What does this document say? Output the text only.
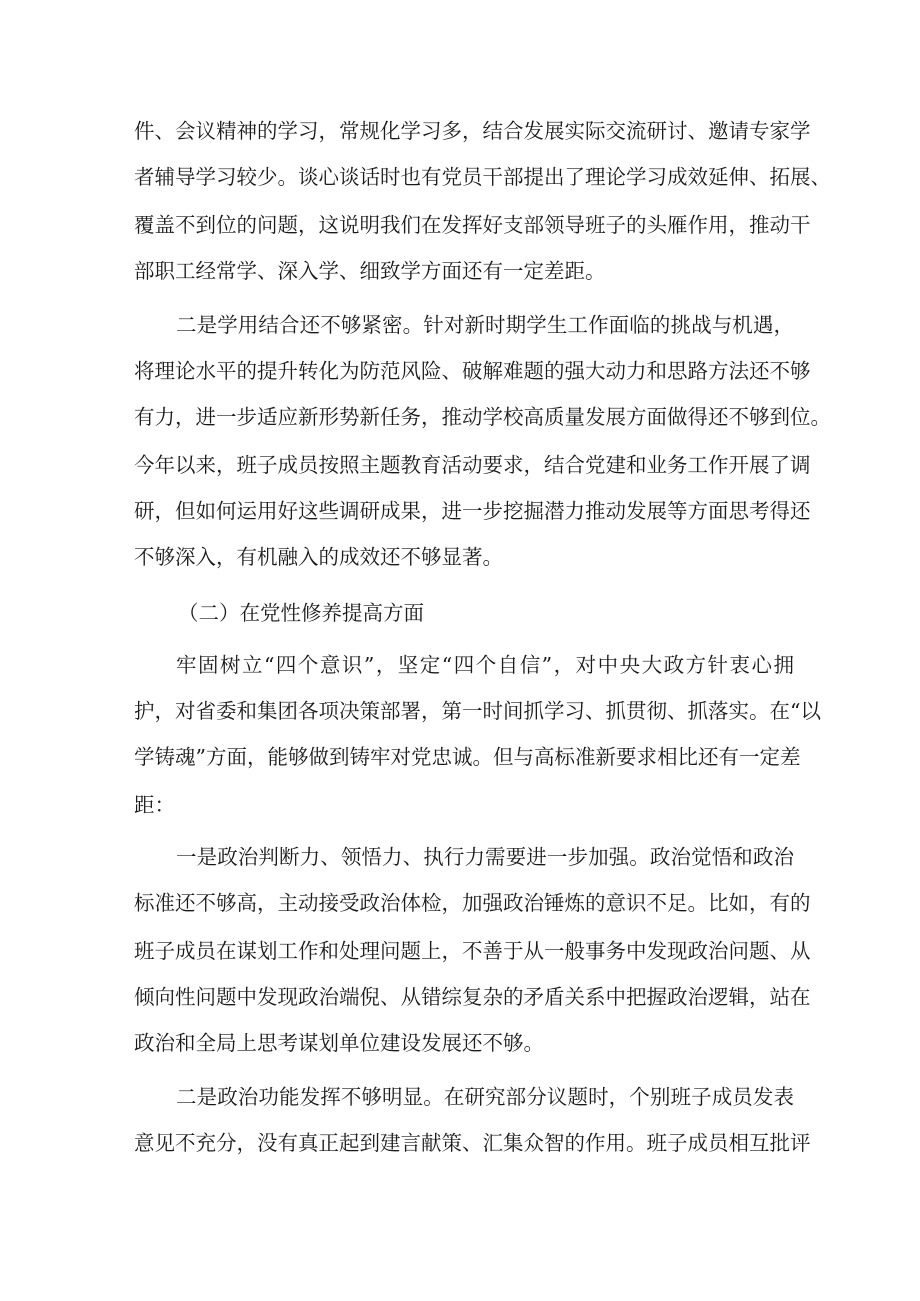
件、会议精神的学习，常规化学习多，结合发展实际交流研讨、邀请专家学
者辅导学习较少。谈心谈话时也有党员干部提出了理论学习成效延伸、拓展、
覆盖不到位的问题，这说明我们在发挥好支部领导班子的头雁作用，推动干
部职工经常学、深入学、细致学方面还有一定差距。
二是学用结合还不够紧密。针对新时期学生工作面临的挑战与机遇，
将理论水平的提升转化为防范风险、破解难题的强大动力和思路方法还不够
有力，进一步适应新形势新任务，推动学校高质量发展方面做得还不够到位。
今年以来，班子成员按照主题教育活动要求，结合党建和业务工作开展了调
研，但如何运用好这些调研成果，进一步挖掘潜力推动发展等方面思考得还
不够深入，有机融入的成效还不够显著。
（二）在党性修养提高方面
牢固树立“四个意识”，坚定“四个自信”，对中央大政方针衷心拥
护，对省委和集团各项决策部署，第一时间抓学习、抓贯彻、抓落实。在“以
学铸魂”方面，能够做到铸牢对党忠诚。但与高标准新要求相比还有一定差
距：
一是政治判断力、领悟力、执行力需要进一步加强。政治觉悟和政治
标准还不够高，主动接受政治体检，加强政治锤炼的意识不足。比如，有的
班子成员在谋划工作和处理问题上，不善于从一般事务中发现政治问题、从
倾向性问题中发现政治端倪、从错综复杂的矛盾关系中把握政治逻辑，站在
政治和全局上思考谋划单位建设发展还不够。
二是政治功能发挥不够明显。在研究部分议题时，个别班子成员发表
意见不充分，没有真正起到建言献策、汇集众智的作用。班子成员相互批评
